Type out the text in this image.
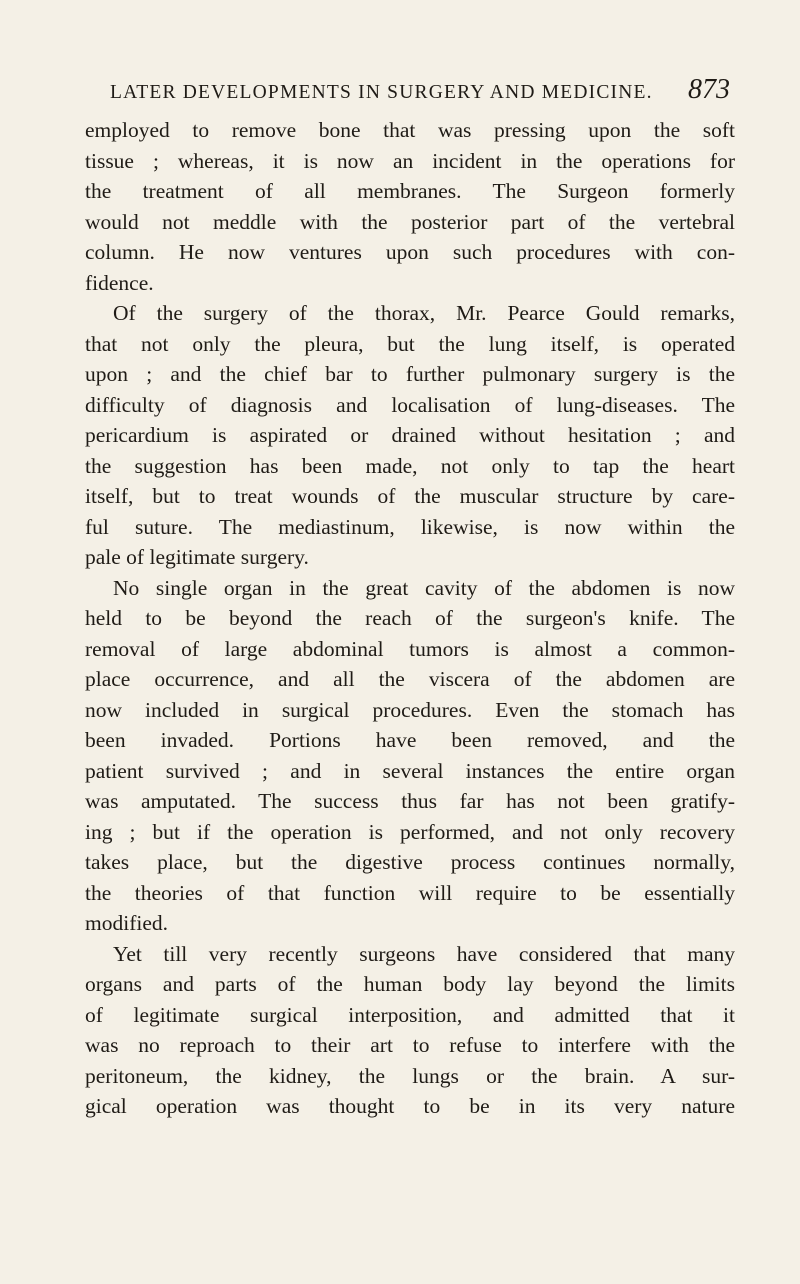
LATER DEVELOPMENTS IN SURGERY AND MEDICINE. 873

employed to remove bone that was pressing upon the soft
tissue ; whereas, it is now an incident in the operations for
the treatment of all membranes. The Surgeon formerly
would not meddle with the posterior part of the vertebral
column. He now ventures upon such procedures with con-
fidence.

Of the surgery of the thorax, Mr. Pearce Gould remarks,
that not only the pleura, but the lung itself, is operated
upon ; and the chief bar to further pulmonary surgery is the
difficulty of diagnosis and localisation of lung-diseases. The
pericardium is aspirated or drained without hesitation ; and
the suggestion has been made, not only to tap the heart
itself, but to treat wounds of the muscular structure by care-
ful suture. The mediastinum, likewise, is now within the
pale of legitimate surgery.

No single organ in the great cavity of the abdomen is now
held to be beyond the reach of the surgeon's knife. The
removal of large abdominal tumors is almost a common-
place occurrence, and all the viscera of the abdomen are
now included in surgical procedures. Even the stomach has
been invaded. Portions have been removed, and the
patient survived ; and in several instances the entire organ
was amputated. The success thus far has not been gratify-
ing ; but if the operation is performed, and not only recovery
takes place, but the digestive process continues normally,
the theories of that function will require to be essentially
modified.

Yet till very recently surgeons have considered that many
organs and parts of the human body lay beyond the limits
of legitimate surgical interposition, and admitted that it
was no reproach to their art to refuse to interfere with the
peritoneum, the kidney, the lungs or the brain. A sur-
gical operation was thought to be in its very nature
